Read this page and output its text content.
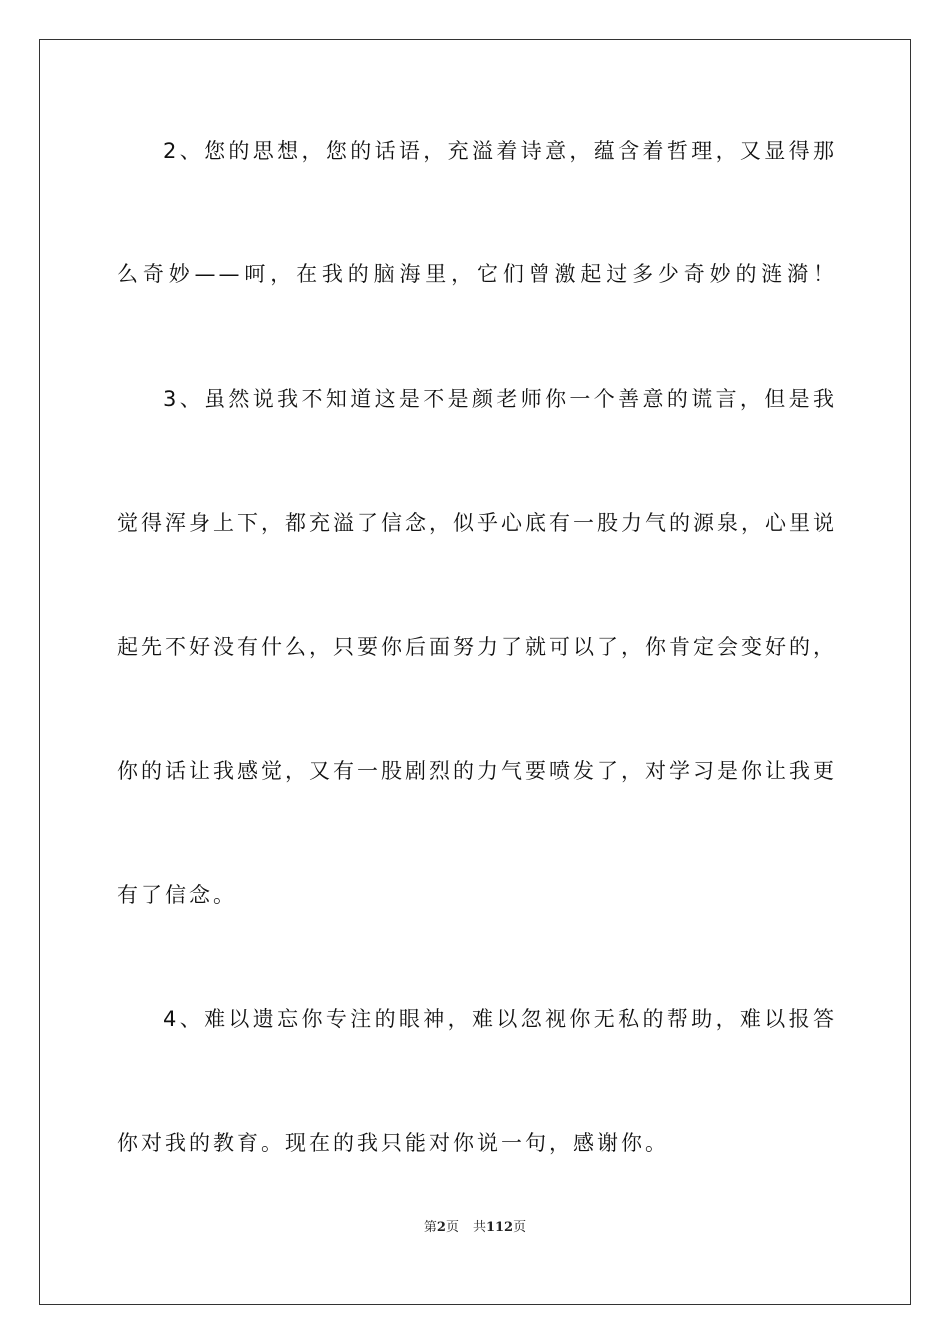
2、您的思想，您的话语，充溢着诗意，蕴含着哲理，又显得那
么奇妙——呵，在我的脑海里，它们曾激起过多少奇妙的涟漪！
3、虽然说我不知道这是不是颜老师你一个善意的谎言，但是我
觉得浑身上下，都充溢了信念，似乎心底有一股力气的源泉，心里说
起先不好没有什么，只要你后面努力了就可以了，你肯定会变好的，
你的话让我感觉，又有一股剧烈的力气要喷发了，对学习是你让我更
有了信念。
4、难以遗忘你专注的眼神，难以忽视你无私的帮助，难以报答
你对我的教育。现在的我只能对你说一句，感谢你。
第2页 共112页
